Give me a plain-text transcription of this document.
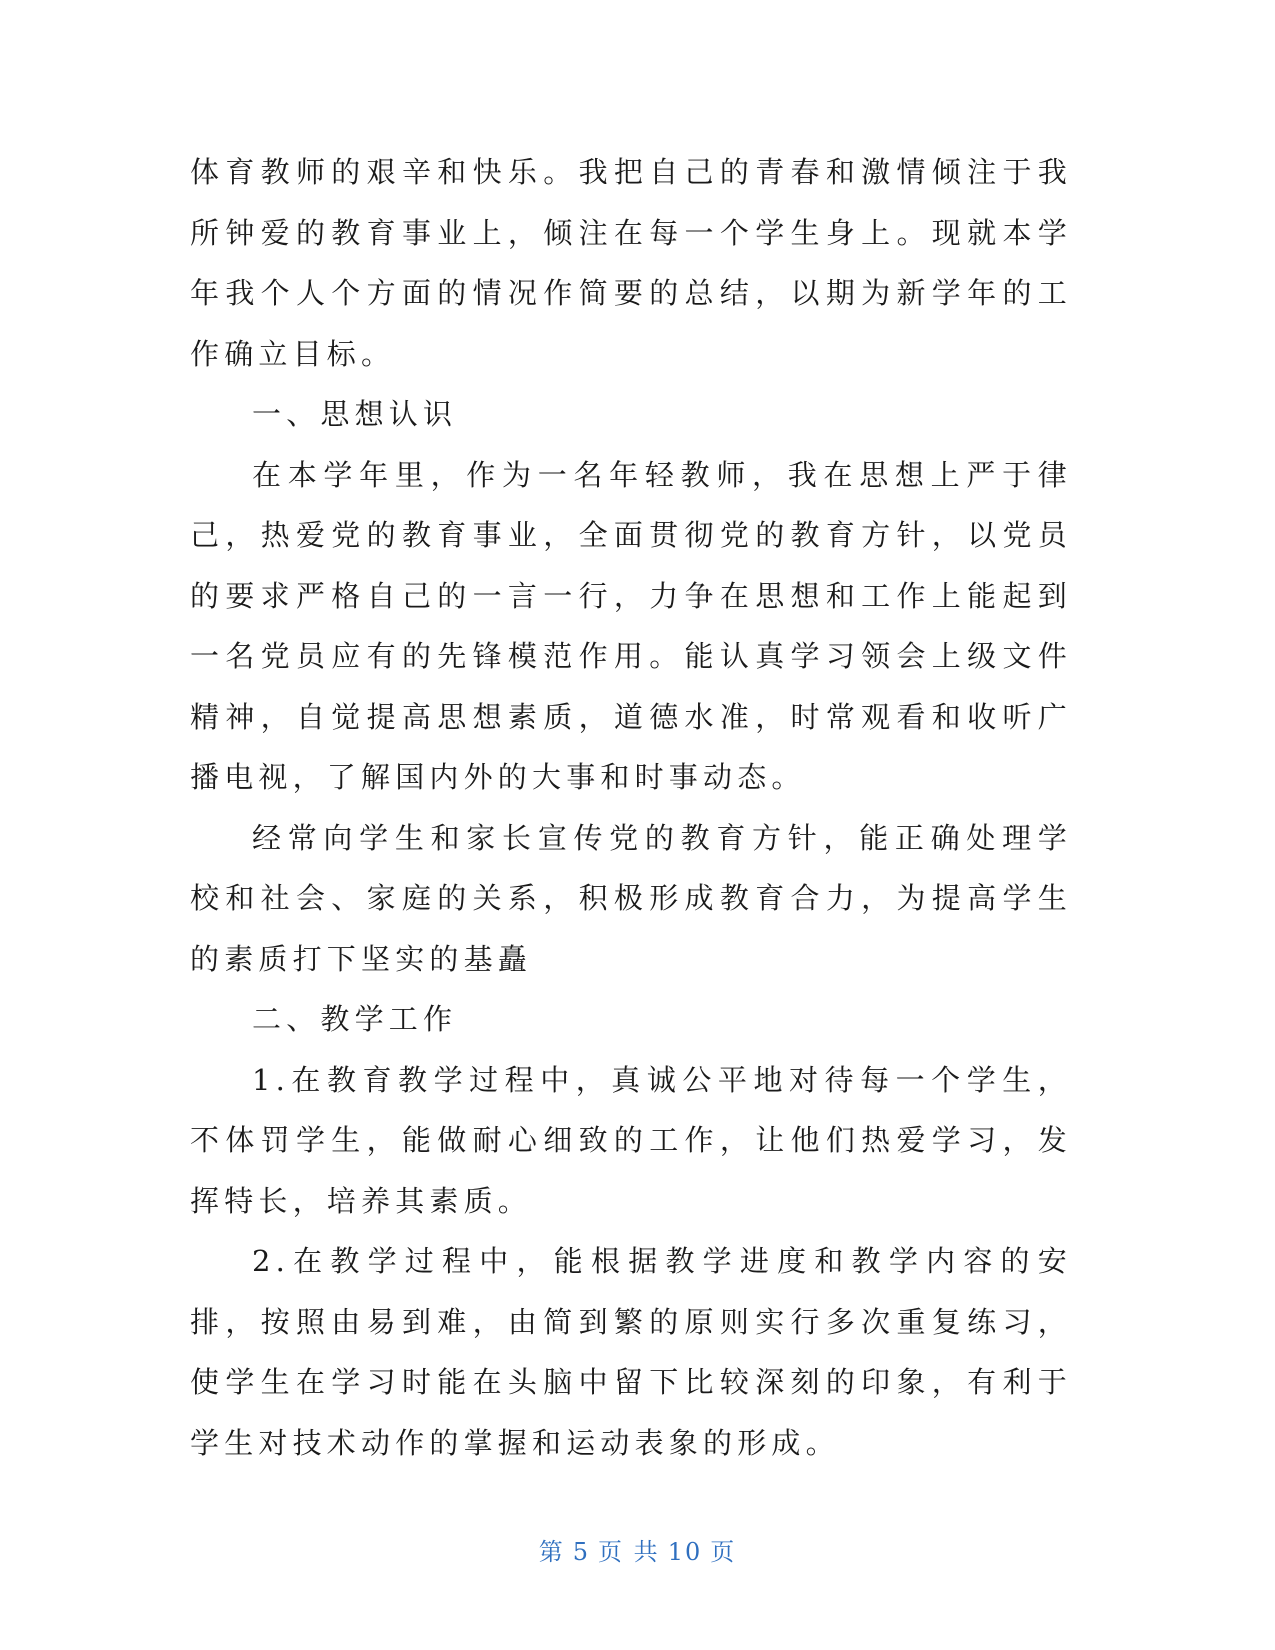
体育教师的艰辛和快乐。我把自己的青春和激情倾注于我所钟爱的教育事业上，倾注在每一个学生身上。现就本学年我个人个方面的情况作简要的总结，以期为新学年的工作确立目标。

一、思想认识

在本学年里，作为一名年轻教师，我在思想上严于律己，热爱党的教育事业，全面贯彻党的教育方针，以党员的要求严格自己的一言一行，力争在思想和工作上能起到一名党员应有的先锋模范作用。能认真学习领会上级文件精神，自觉提高思想素质，道德水准，时常观看和收听广播电视，了解国内外的大事和时事动态。

经常向学生和家长宣传党的教育方针，能正确处理学校和社会、家庭的关系，积极形成教育合力，为提高学生的素质打下坚实的基矗

二、教学工作

1.在教育教学过程中，真诚公平地对待每一个学生，不体罚学生，能做耐心细致的工作，让他们热爱学习，发挥特长，培养其素质。

2.在教学过程中，能根据教学进度和教学内容的安排，按照由易到难，由简到繁的原则实行多次重复练习，使学生在学习时能在头脑中留下比较深刻的印象，有利于学生对技术动作的掌握和运动表象的形成。

第 5 页 共 10 页
